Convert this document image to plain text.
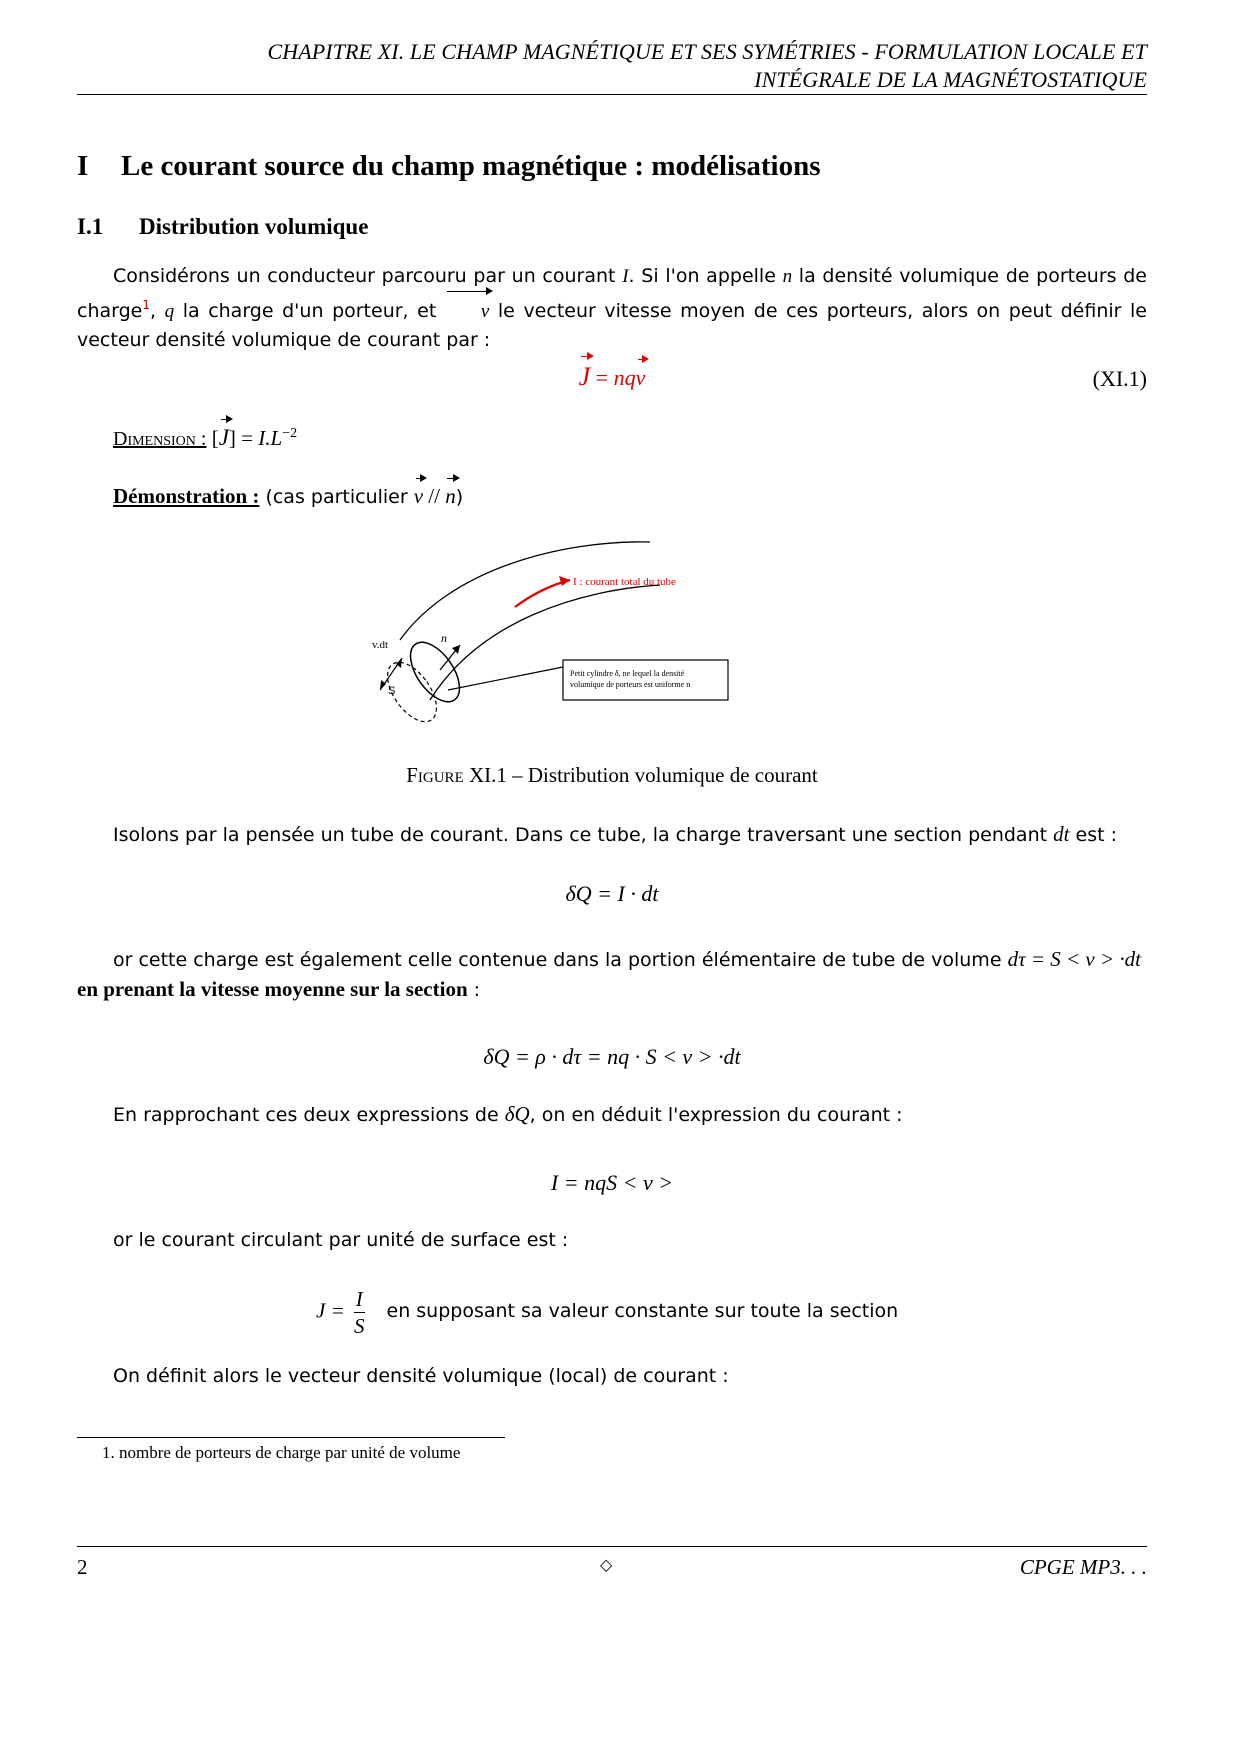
CHAPITRE XI. LE CHAMP MAGNÉTIQUE ET SES SYMÉTRIES - FORMULATION LOCALE ET
INTÉGRALE DE LA MAGNÉTOSTATIQUE
I Le courant source du champ magnétique : modélisations
I.1 Distribution volumique
Considérons un conducteur parcouru par un courant I. Si l'on appelle n la densité volumique de porteurs de charge$^1$, q la charge d'un porteur, et v le vecteur vitesse moyen de ces porteurs, alors on peut définir le vecteur densité volumique de courant par :
J = nqv	(XI.1)
Dimension : $[J] = I.L^{-2}$
Démonstration : (cas particulier v // n)
I : courant total du tube
v.dt	n
S
Petit cylindre δ, ne lequel la densité
volumique de porteurs est uniforme n
Figure XI.1 – Distribution volumique de courant
Isolons par la pensée un tube de courant. Dans ce tube, la charge traversant une section pendant dt est :
δQ = I · dt
or cette charge est également celle contenue dans la portion élémentaire de tube de volume dτ = S < v > ·dt
en prenant la vitesse moyenne sur la section :
δQ = ρ · dτ = nq · S < v > ·dt
En rapprochant ces deux expressions de δQ, on en déduit l'expression du courant :
I = nqS < v >
or le courant circulant par unité de surface est :
$J = \frac{I}{S}$ en supposant sa valeur constante sur toute la section
On définit alors le vecteur densité volumique (local) de courant :
1. nombre de porteurs de charge par unité de volume
2	◇	CPGE MP3. . .
